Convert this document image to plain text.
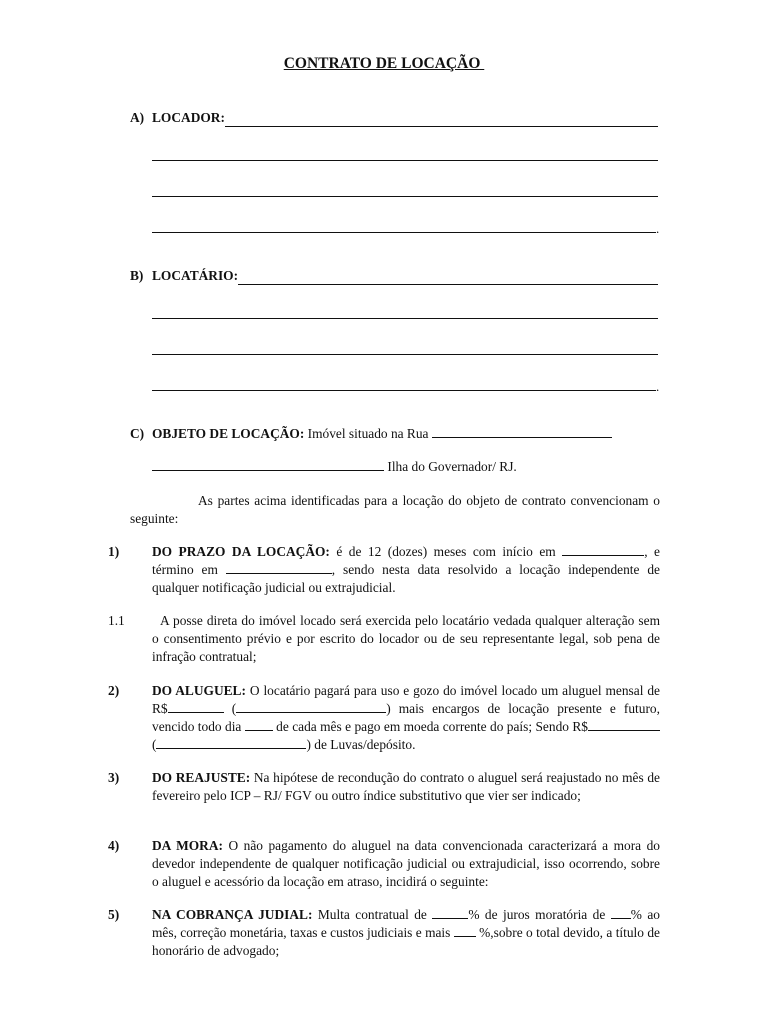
CONTRATO DE LOCAÇÃO
A) LOCADOR:
.
B) LOCATÁRIO:
.
C) OBJETO DE LOCAÇÃO: Imóvel situado na Rua
Ilha do Governador/ RJ.
As partes acima identificadas para a locação do objeto de contrato convencionam o seguinte:
1) DO PRAZO DA LOCAÇÃO: é de 12 (dozes) meses com início em	, e término em	, sendo nesta data resolvido a locação independente de qualquer notificação judicial ou extrajudicial.
1.1	A posse direta do imóvel locado será exercida pelo locatário vedada qualquer alteração sem o consentimento prévio e por escrito do locador ou de seu representante legal, sob pena de infração contratual;
2) DO ALUGUEL: O locatário pagará para uso e gozo do imóvel locado um aluguel mensal de R$	(	) mais encargos de locação presente e futuro, vencido todo dia	de cada mês e pago em moeda corrente do país; Sendo R$ (	) de Luvas/depósito.
3) DO REAJUSTE: Na hipótese de recondução do contrato o aluguel será reajustado no mês de fevereiro pelo ICP – RJ/ FGV ou outro índice substitutivo que vier ser indicado;
4) DA MORA: O não pagamento do aluguel na data convencionada caracterizará a mora do devedor independente de qualquer notificação judicial ou extrajudicial, isso ocorrendo, sobre o aluguel e acessório da locação em atraso, incidirá o seguinte:
5) NA COBRANÇA JUDIAL: Multa contratual de	% de juros moratória de % ao mês, correção monetária, taxas e custos judiciais e mais %,sobre o total devido, a título de honorário de advogado;
